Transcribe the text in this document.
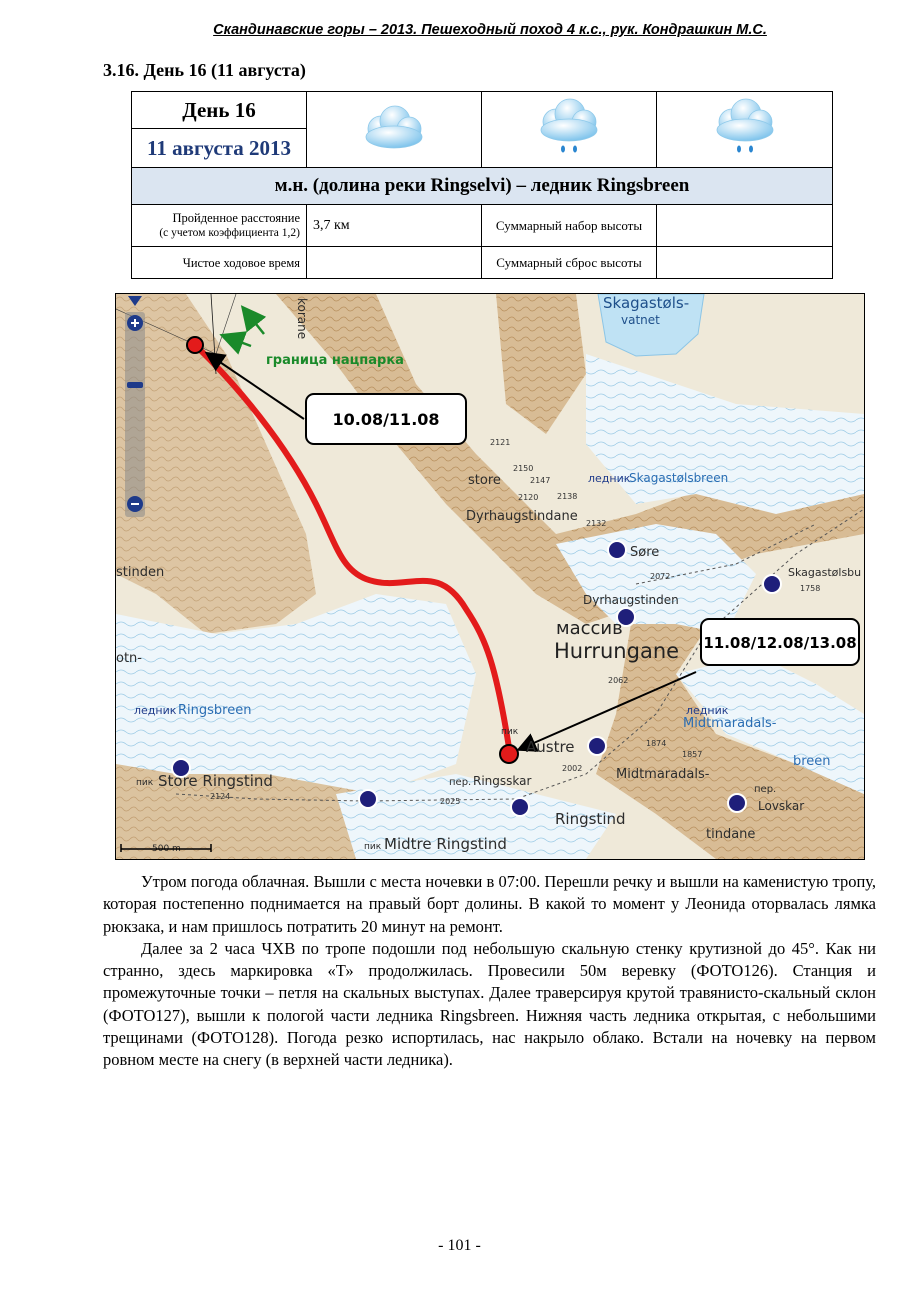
Скандинавские горы – 2013. Пешеходный поход 4 к.с., рук. Кондрашкин М.С.
3.16. День 16 (11 августа)
День 16			
11 августа 2013			
м.н. (долина реки Ringselvi) – ледник Ringsbreen			
Пройденное расстояние
(с учетом коэффициента 1,2)	3,7 км	Суммарный набор высоты	
Чистое ходовое время		Суммарный сброс высоты	
граница нацпарка
10.08/11.08
11.08/12.08/13.08
Skagastøls-
vatnet
korane
store
Dyrhaugstindane
ледник
Skagastølsbreen
Søre
Dyrhaugstinden
Skagastølsbu
stinden
otn-
ледник Ringsbreen
массив
Hurrungane
пик
Austre
ледник
Midtmaradals-
breen
пик Store Ringstind	пер. Ringsskar	Midtmaradals-
Ringstind
пер.
Lovskar
tindane
пик Midtre Ringstind
500 m
2121
2150
2147
2120 2138
2132
2072
1758
2062
1874
1857
2002
2025
2124

Утром погода облачная. Вышли с места ночевки в 07:00. Перешли речку и вышли на каменистую тропу, которая постепенно поднимается на правый борт долины. В какой то момент у Леонида оторвалась лямка рюкзака, и нам пришлось потратить 20 минут на ремонт.

Далее за 2 часа ЧХВ по тропе подошли под небольшую скальную стенку крутизной до 45°. Как ни странно, здесь маркировка «Т» продолжилась. Провесили 50м веревку (ФОТО126). Станция и промежуточные точки – петля на скальных выступах. Далее траверсируя крутой травянисто-скальный склон (ФОТО127), вышли к пологой части ледника Ringsbreen. Нижняя часть ледника открытая, с небольшими трещинами (ФОТО128). Погода резко испортилась, нас накрыло облако. Встали на ночевку на первом ровном месте на снегу (в верхней части ледника).

- 101 -
